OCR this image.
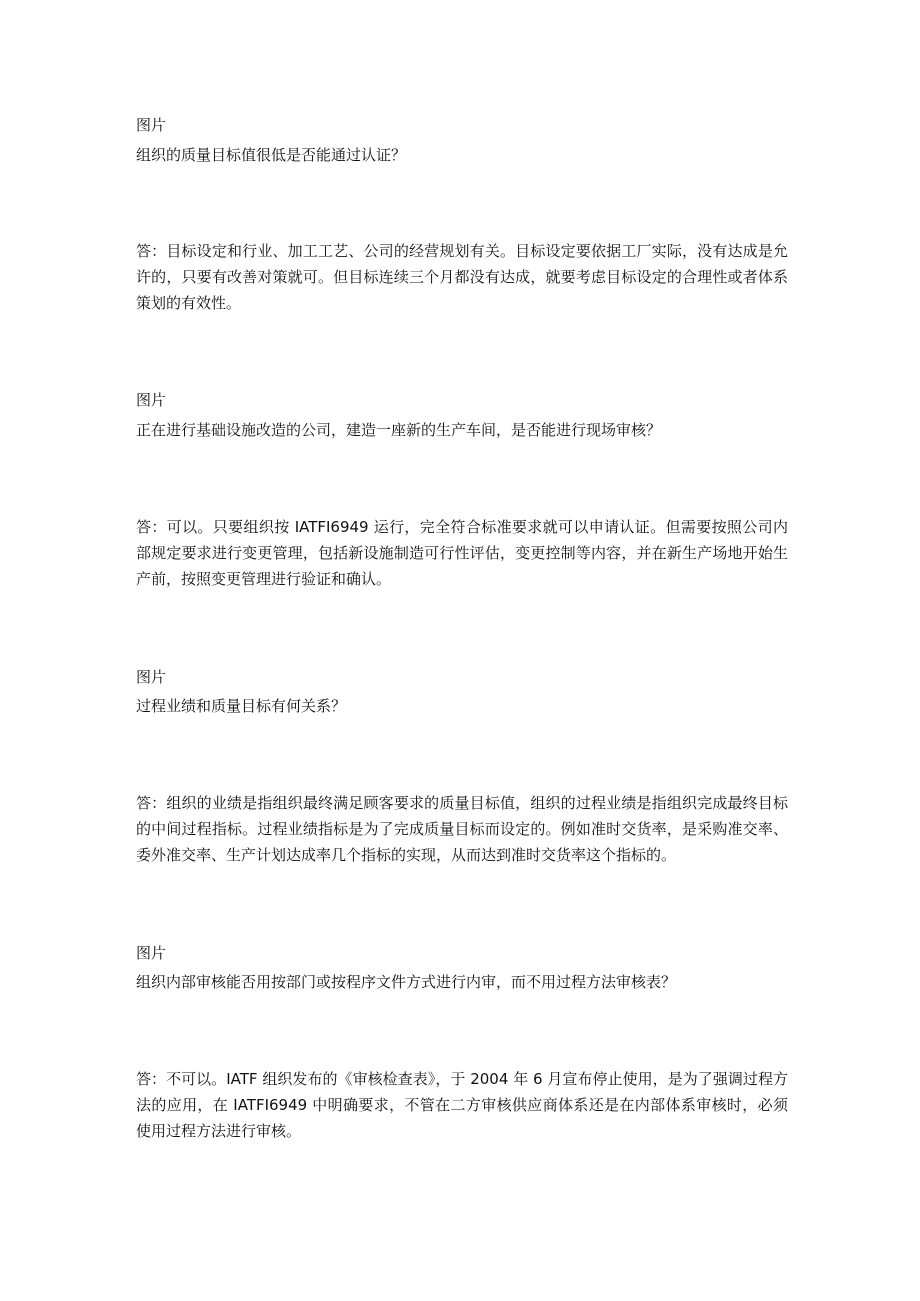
图片

组织的质量目标值很低是否能通过认证？

答：目标设定和行业、加工工艺、公司的经营规划有关。目标设定要依据工厂实际，没有达成是允许的，只要有改善对策就可。但目标连续三个月都没有达成，就要考虑目标设定的合理性或者体系策划的有效性。

图片

正在进行基础设施改造的公司，建造一座新的生产车间，是否能进行现场审核？

答：可以。只要组织按 IATFI6949 运行，完全符合标准要求就可以申请认证。但需要按照公司内部规定要求进行变更管理，包括新设施制造可行性评估，变更控制等内容，并在新生产场地开始生产前，按照变更管理进行验证和确认。

图片

过程业绩和质量目标有何关系？

答：组织的业绩是指组织最终满足顾客要求的质量目标值，组织的过程业绩是指组织完成最终目标的中间过程指标。过程业绩指标是为了完成质量目标而设定的。例如准时交货率，是采购准交率、委外准交率、生产计划达成率几个指标的实现，从而达到准时交货率这个指标的。

图片

组织内部审核能否用按部门或按程序文件方式进行内审，而不用过程方法审核表？

答：不可以。IATF 组织发布的《审核检查表》，于 2004 年 6 月宣布停止使用，是为了强调过程方法的应用，在 IATFI6949 中明确要求，不管在二方审核供应商体系还是在内部体系审核时，必须使用过程方法进行审核。
